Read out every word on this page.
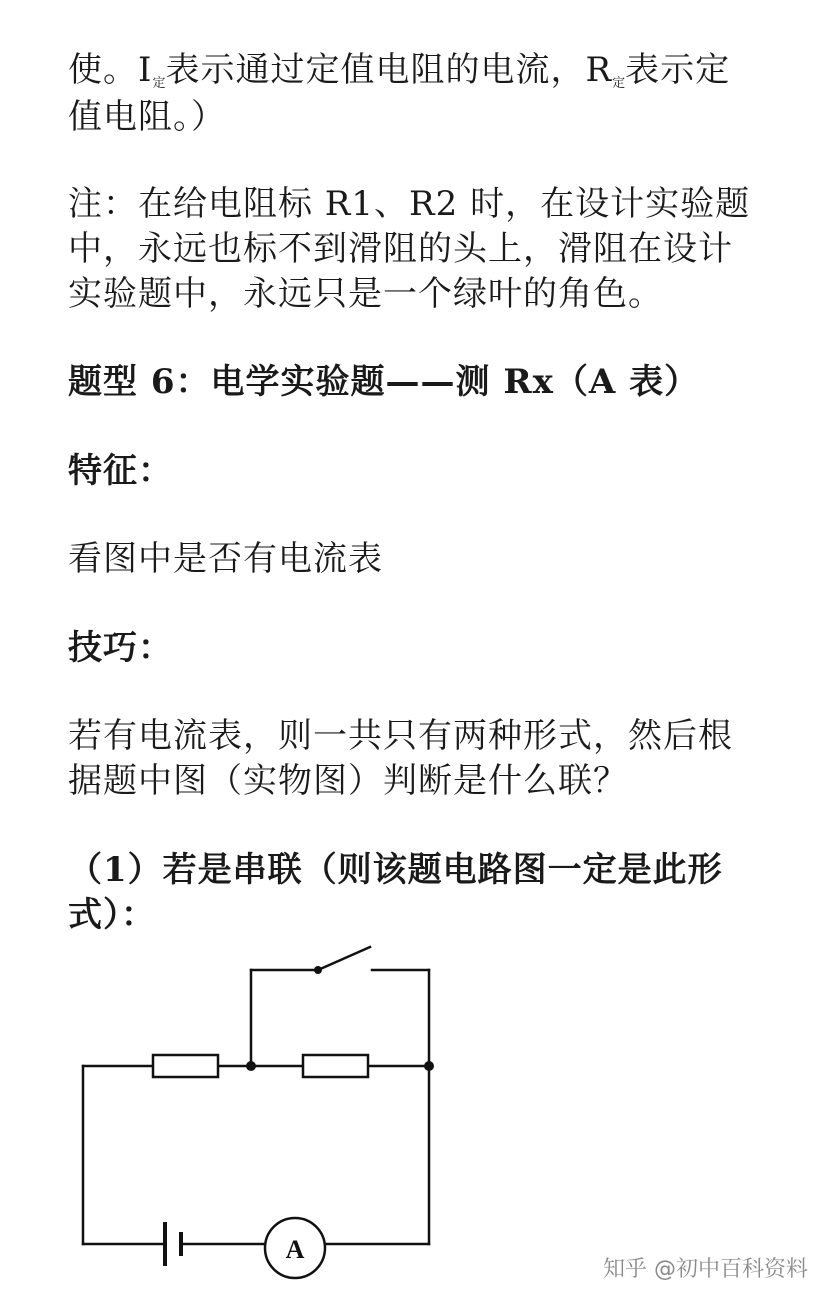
使。$I_定$表示通过定值电阻的电流，$R_定$表示定
值电阻。）
注：在给电阻标 R1、R2 时，在设计实验题
中，永远也标不到滑阻的头上，滑阻在设计
实验题中，永远只是一个绿叶的角色。
题型 6：电学实验题——测 Rx（A 表）
特征：
看图中是否有电流表
技巧：
若有电流表，则一共只有两种形式，然后根
据题中图（实物图）判断是什么联？
（1）若是串联（则该题电路图一定是此形
式）：
A
知乎 @初中百科资料
